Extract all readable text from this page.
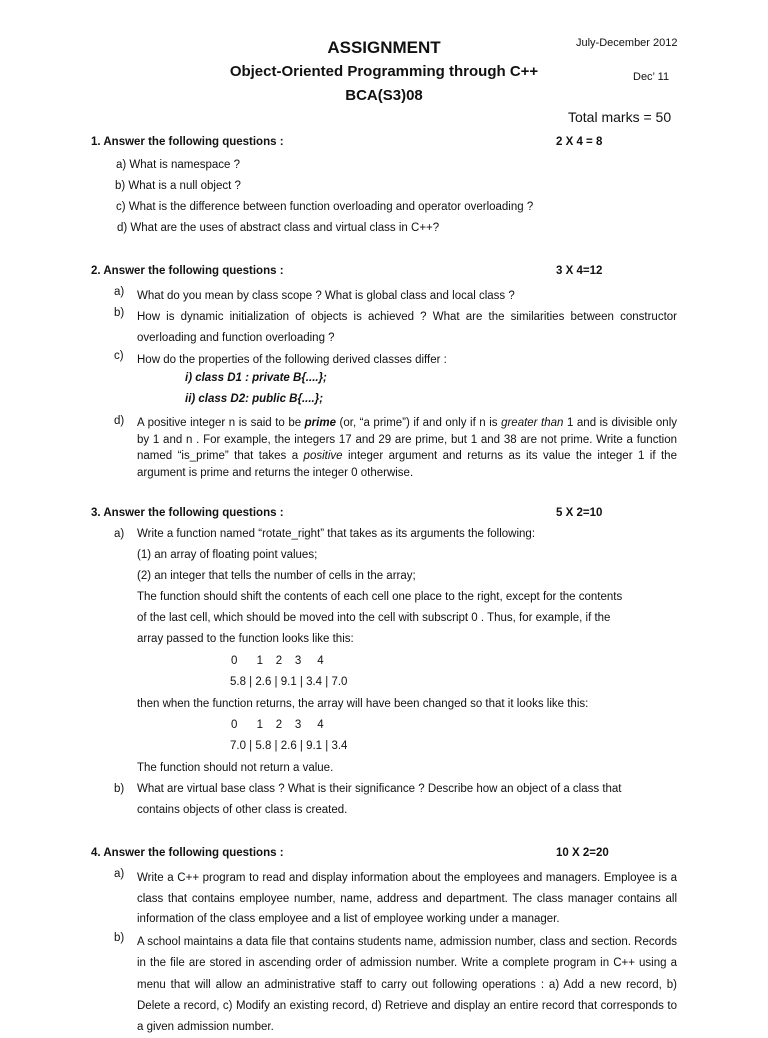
ASSIGNMENT
Object-Oriented Programming through C++
BCA(S3)08
July-December 2012
Dec’ 11
Total marks = 50
1. Answer the following questions :	2 X 4 = 8
a) What is namespace ?
b) What is a null object ?
c) What is the difference between function overloading and operator overloading ?
d) What are the uses of abstract class and virtual class in C++?
2. Answer the following questions :	3 X 4=12
a) What do you mean by class scope ? What is global class and local class ?
b) How is dynamic initialization of objects is achieved ? What are the similarities between constructor overloading and function overloading ?
c) How do the properties of the following derived classes differ :
i) class D1 : private B{....};
ii) class D2: public B{....};
d) A positive integer n is said to be prime (or, “a prime”) if and only if n is greater than 1 and is divisible only by 1 and n . For example, the integers 17 and 29 are prime, but 1 and 38 are not prime. Write a function named “is_prime” that takes a positive integer argument and returns as its value the integer 1 if the argument is prime and returns the integer 0 otherwise.
3. Answer the following questions :	5 X 2=10
a) Write a function named “rotate_right” that takes as its arguments the following:
(1) an array of floating point values;
(2) an integer that tells the number of cells in the array;
The function should shift the contents of each cell one place to the right, except for the contents
of the last cell, which should be moved into the cell with subscript 0 . Thus, for example, if the
array passed to the function looks like this:
0      1    2    3     4
5.8 | 2.6 | 9.1 | 3.4 | 7.0
then when the function returns, the array will have been changed so that it looks like this:
0      1    2    3     4
7.0 | 5.8 | 2.6 | 9.1 | 3.4
The function should not return a value.
b) What are virtual base class ? What is their significance ? Describe how an object of a class that
contains objects of other class is created.
4. Answer the following questions :	10 X 2=20
a) Write a C++ program to read and display information about the employees and managers. Employee is a class that contains employee number, name, address and department. The class manager contains all information of the class employee and a list of employee working under a manager.
b) A school maintains a data file that contains students name, admission number, class and section. Records in the file are stored in ascending order of admission number. Write a complete program in C++ using a menu that will allow an administrative staff to carry out following operations : a) Add a new record, b) Delete a record, c) Modify an existing record, d) Retrieve and display an entire record that corresponds to a given admission number.
